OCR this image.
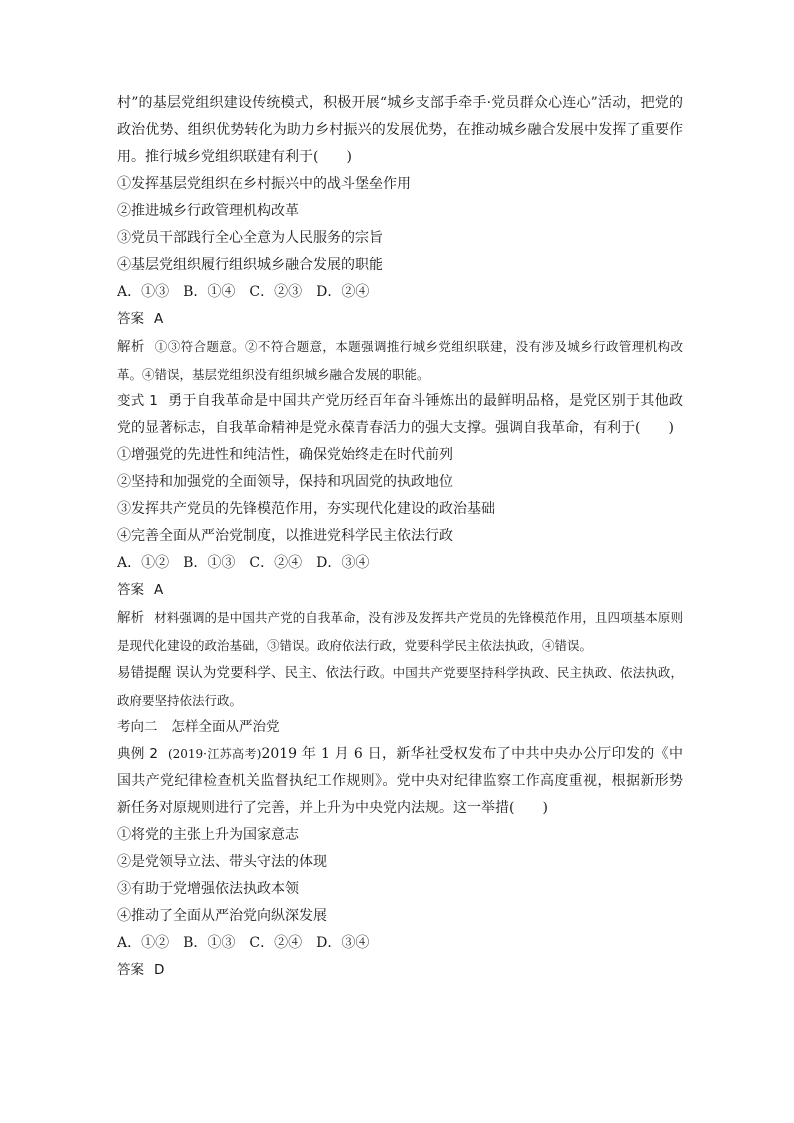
村”的基层党组织建设传统模式，积极开展“城乡支部手牵手·党员群众心连心”活动，把党的政治优势、组织优势转化为助力乡村振兴的发展优势，在推动城乡融合发展中发挥了重要作用。推行城乡党组织联建有利于(　　)
①发挥基层党组织在乡村振兴中的战斗堡垒作用
②推进城乡行政管理机构改革
③党员干部践行全心全意为人民服务的宗旨
④基层党组织履行组织城乡融合发展的职能
A．①③　B．①④　C．②③　D．②④
答案 A
解析 ①③符合题意。②不符合题意，本题强调推行城乡党组织联建，没有涉及城乡行政管理机构改革。④错误，基层党组织没有组织城乡融合发展的职能。
变式 1 勇于自我革命是中国共产党历经百年奋斗锤炼出的最鲜明品格，是党区别于其他政党的显著标志，自我革命精神是党永葆青春活力的强大支撑。强调自我革命，有利于(　　)
①增强党的先进性和纯洁性，确保党始终走在时代前列
②坚持和加强党的全面领导，保持和巩固党的执政地位
③发挥共产党员的先锋模范作用，夯实现代化建设的政治基础
④完善全面从严治党制度，以推进党科学民主依法行政
A．①②　B．①③　C．②④　D．③④
答案 A
解析 材料强调的是中国共产党的自我革命，没有涉及发挥共产党员的先锋模范作用，且四项基本原则是现代化建设的政治基础，③错误。政府依法行政，党要科学民主依法执政，④错误。
易错提醒 误认为党要科学、民主、依法行政。中国共产党要坚持科学执政、民主执政、依法执政，政府要坚持依法行政。
考向二 怎样全面从严治党
典例 2 (2019·江苏高考)2019 年 1 月 6 日，新华社受权发布了中共中央办公厅印发的《中国共产党纪律检查机关监督执纪工作规则》。党中央对纪律监察工作高度重视，根据新形势新任务对原规则进行了完善，并上升为中央党内法规。这一举措(　　)
①将党的主张上升为国家意志
②是党领导立法、带头守法的体现
③有助于党增强依法执政本领
④推动了全面从严治党向纵深发展
A．①②　B．①③　C．②④　D．③④
答案 D
